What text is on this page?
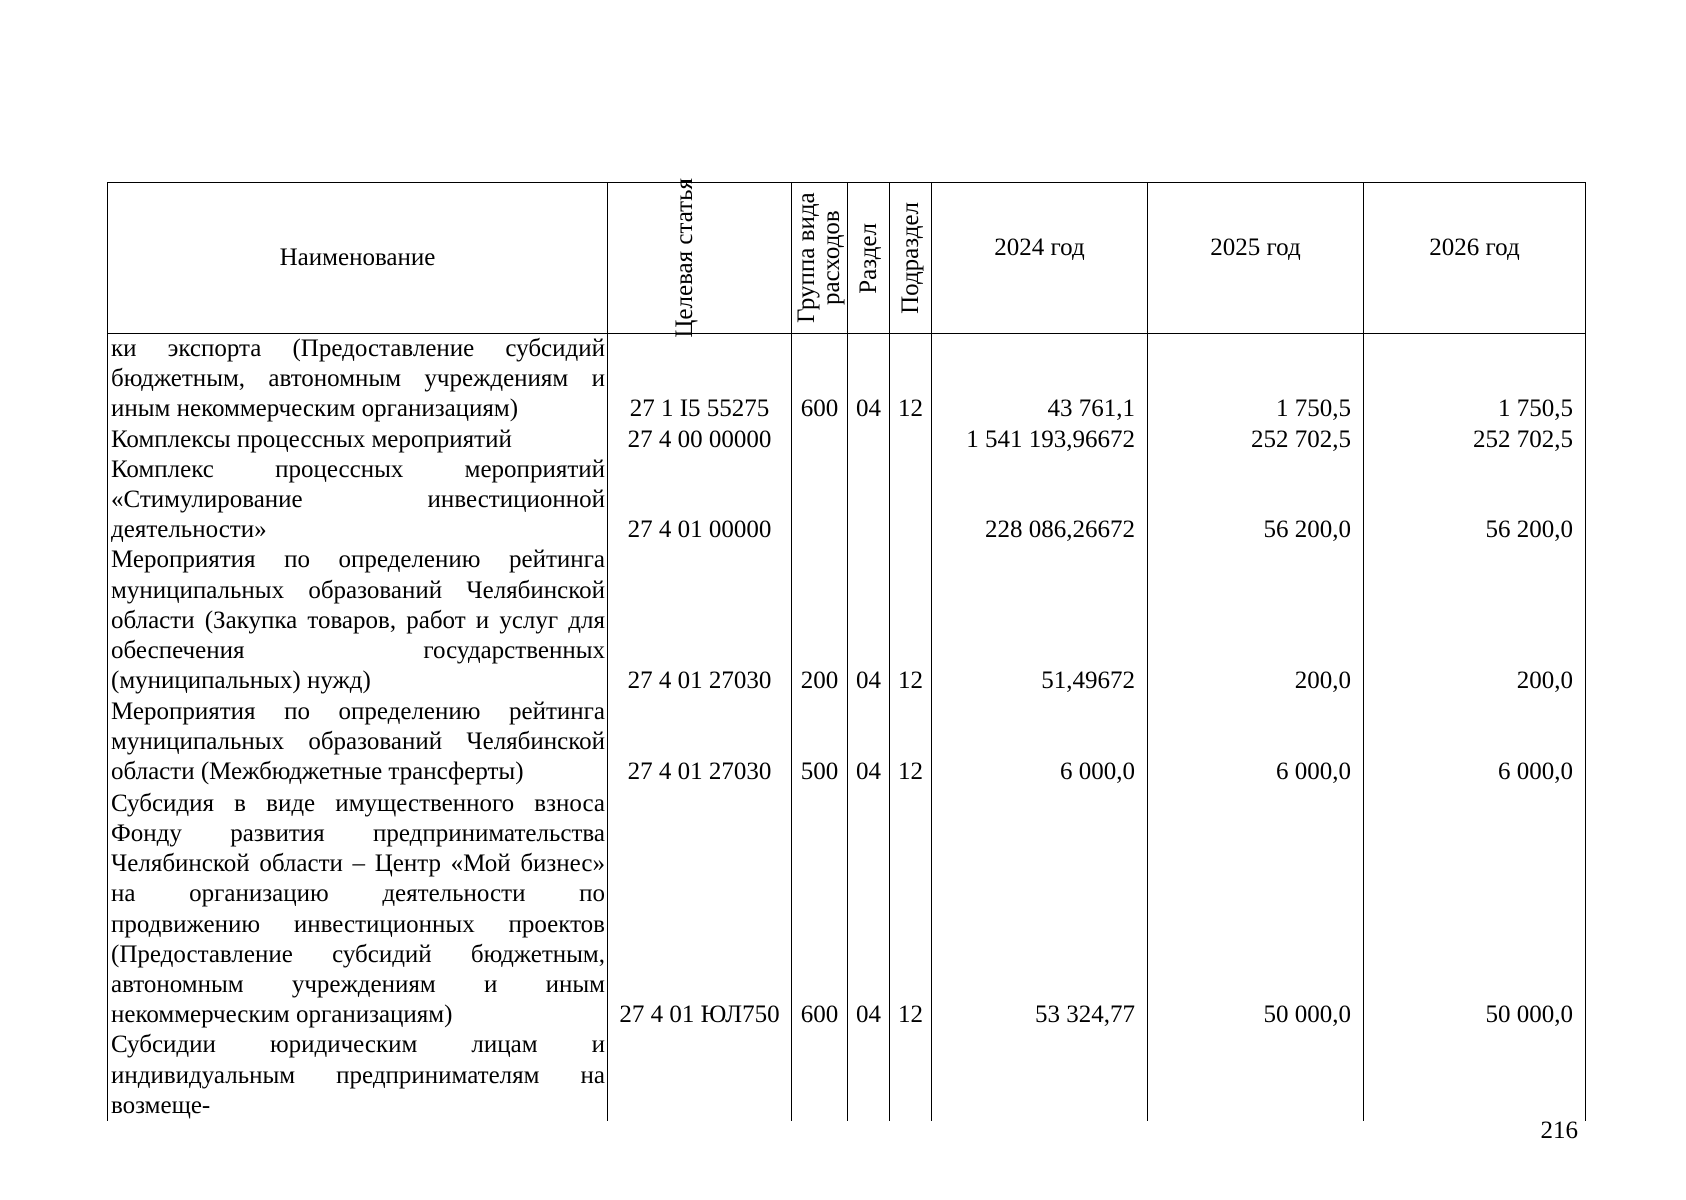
Наименование	Целевая статья	Группа вида расходов	Раздел	Подраздел	2024 год	2025 год	2026 год

ки экспорта (Предоставление субсидий бюджетным, автономным учреждениям и иным некоммерческим организациям)	27 1 I5 55275	600	04	12	43 761,1	1 750,5	1 750,5
Комплексы процессных мероприятий	27 4 00 00000				1 541 193,96672	252 702,5	252 702,5
Комплекс процессных мероприятий «Стимулирование инвестиционной деятельности»	27 4 01 00000				228 086,26672	56 200,0	56 200,0
Мероприятия по определению рейтинга муниципальных образований Челябинской области (Закупка товаров, работ и услуг для обеспечения государственных (муниципальных) нужд)	27 4 01 27030	200	04	12	51,49672	200,0	200,0
Мероприятия по определению рейтинга муниципальных образований Челябинской области (Межбюджетные трансферты)	27 4 01 27030	500	04	12	6 000,0	6 000,0	6 000,0
Субсидия в виде имущественного взноса Фонду развития предпринимательства Челябинской области – Центр «Мой бизнес» на организацию деятельности по продвижению инвестиционных проектов (Предоставление субсидий бюджетным, автономным учреждениям и иным некоммерческим организациям)	27 4 01 ЮЛ750	600	04	12	53 324,77	50 000,0	50 000,0
Субсидии юридическим лицам и индивидуальным предпринимателям на возмеще-							
216
